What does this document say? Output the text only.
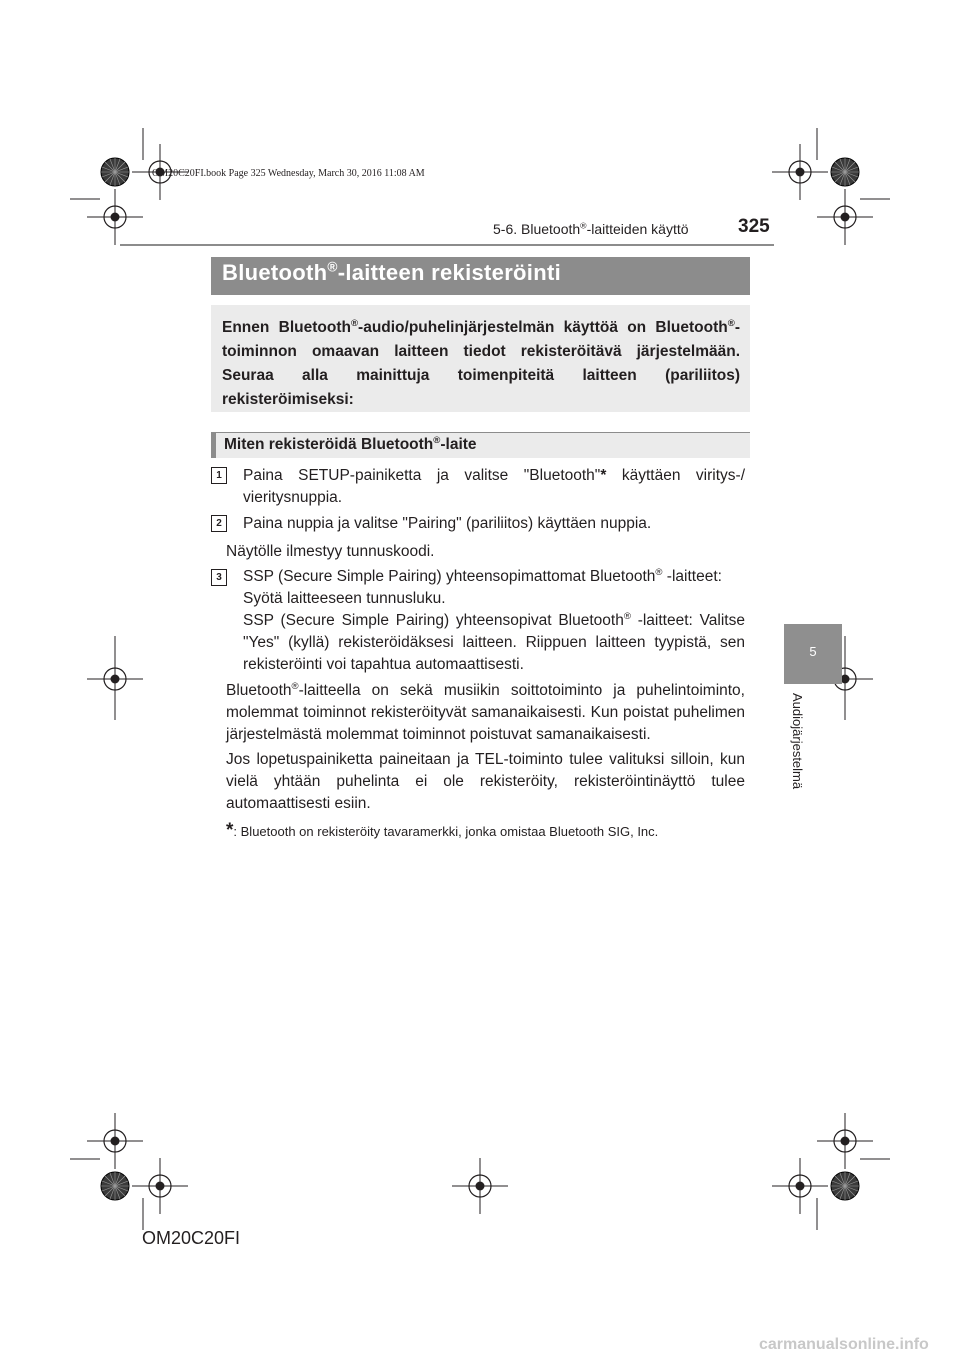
OM20C20FI.book Page 325 Wednesday, March 30, 2016 11:08 AM
5-6. Bluetooth®-laitteiden käyttö	325
5
Audiojärjestelmä
Bluetooth®-laitteen rekisteröinti
Ennen Bluetooth®-audio/puhelinjärjestelmän käyttöä on Bluetooth®-toiminnon omaavan laitteen tiedot rekisteröitävä järjestelmään. Seuraa alla mainittuja toimenpiteitä laitteen (pariliitos) rekisteröimiseksi:
Miten rekisteröidä Bluetooth®-laite
1	Paina SETUP-painiketta ja valitse "Bluetooth"* käyttäen viritys-/ vieritysnuppia.
2	Paina nuppia ja valitse "Pairing" (pariliitos) käyttäen nuppia.
Näytölle ilmestyy tunnuskoodi.
3	SSP (Secure Simple Pairing) yhteensopimattomat Bluetooth® -laitteet:
Syötä laitteeseen tunnusluku.
SSP (Secure Simple Pairing) yhteensopivat Bluetooth® -laitteet: Valitse "Yes" (kyllä) rekisteröidäksesi laitteen. Riippuen laitteen tyypistä, sen rekisteröinti voi tapahtua automaattisesti.
Bluetooth®-laitteella on sekä musiikin soittotoiminto ja puhelintoiminto, molemmat toiminnot rekisteröityvät samanaikaisesti. Kun poistat puhelimen järjestelmästä molemmat toiminnot poistuvat samanaikaisesti.
Jos lopetuspainiketta paineitaan ja TEL-toiminto tulee valituksi silloin, kun vielä yhtään puhelinta ei ole rekisteröity, rekisteröintinäyttö tulee automaattisesti esiin.
*: Bluetooth on rekisteröity tavaramerkki, jonka omistaa Bluetooth SIG, Inc.
OM20C20FI
carmanualsonline.info
